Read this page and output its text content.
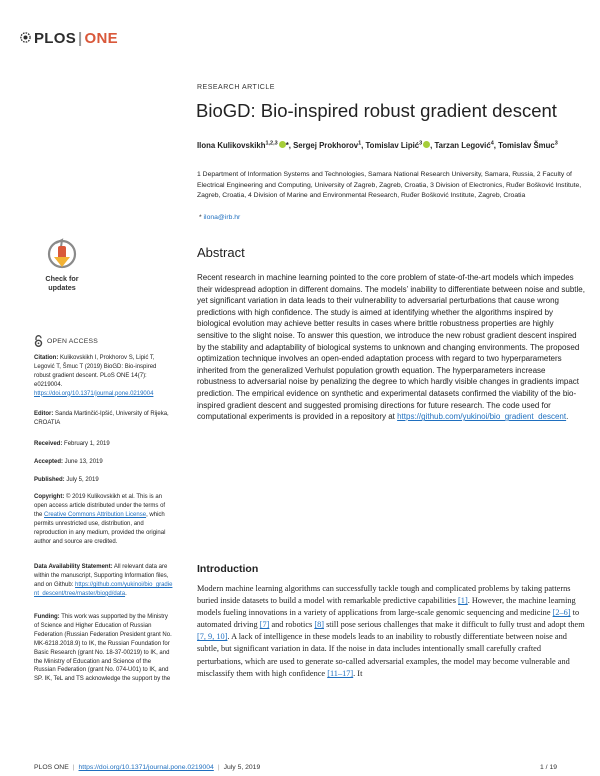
PLOS | ONE
RESEARCH ARTICLE
BioGD: Bio-inspired robust gradient descent
Ilona Kulikovskikh$^{1,2,3}$ *, Sergej Prokhorov$^1$, Tomislav Lipić$^3$ , Tarzan Legović$^4$, Tomislav Šmuc$^3$
1 Department of Information Systems and Technologies, Samara National Research University, Samara, Russia, 2 Faculty of Electrical Engineering and Computing, University of Zagreb, Zagreb, Croatia, 3 Division of Electronics, Ruđer Bošković Institute, Zagreb, Croatia, 4 Division of Marine and Environmental Research, Ruđer Bošković Institute, Zagreb, Croatia
* ilona@irb.hr
Abstract
Recent research in machine learning pointed to the core problem of state-of-the-art models which impedes their widespread adoption in different domains. The models’ inability to differentiate between noise and subtle, yet significant variation in data leads to their vulnerability to adversarial perturbations that cause wrong predictions with high confidence. The study is aimed at identifying whether the algorithms inspired by biological evolution may achieve better results in cases where brittle robustness properties are highly sensitive to the slight noise. To answer this question, we introduce the new robust gradient descent inspired by the stability and adaptability of biological systems to unknown and changing environments. The proposed optimization technique involves an open-ended adaptation process with regard to two hyperparameters inherited from the generalized Verhulst population growth equation. The hyperparameters increase robustness to adversarial noise by penalizing the degree to which hardly visible changes in gradients impact prediction. The empirical evidence on synthetic and experimental datasets confirmed the viability of the bio-inspired gradient descent and suggested promising directions for future research. The code used for computational experiments is provided in a repository at https://github.com/yukinoi/bio_gradient_descent.
Introduction
Modern machine learning algorithms can successfully tackle tough and complicated problems by taking patterns buried inside datasets to build a model with remarkable predictive capabilities [1]. However, the machine learning models fueling innovations in a variety of applications from large-scale genomic sequencing and medicine [2–6] to automated driving [7] and robotics [8] still pose serious challenges that make it difficult to fully trust and adopt them [7, 9, 10]. A lack of intelligence in these models leads to an inability to robustly differentiate between noise and subtle, but significant variation in data. If the noise in data includes intentionally small carefully crafted perturbations, which are used to generate so-called adversarial examples, the model may become vulnerable and misclassify them with high confidence [11–17]. It
Check for updates
OPEN ACCESS
Citation: Kulikovskikh I, Prokhorov S, Lipić T, Legović T, Šmuc T (2019) BioGD: Bio-inspired robust gradient descent. PLoS ONE 14(7): e0219004. https://doi.org/10.1371/journal.pone.0219004
Editor: Sanda Martinčić-Ipšić, University of Rijeka, CROATIA
Received: February 1, 2019
Accepted: June 13, 2019
Published: July 5, 2019
Copyright: © 2019 Kulikovskikh et al. This is an open access article distributed under the terms of the Creative Commons Attribution License, which permits unrestricted use, distribution, and reproduction in any medium, provided the original author and source are credited.
Data Availability Statement: All relevant data are within the manuscript, Supporting Information files, and on Github: https://github.com/yukinoi/bio_gradient_descent/tree/master/biogd/data.
Funding: This work was supported by the Ministry of Science and Higher Education of Russian Federation (Russian Federation President grant No. MK-6218.2018.9) to IK, the Russian Foundation for Basic Research (grant No. 18-37-00219) to IK, and the Ministry of Education and Science of the Russian Federation (grant No. 074-U01) to IK, and SP. IK, TeL and TS acknowledge the support by the
PLOS ONE | https://doi.org/10.1371/journal.pone.0219004 | July 5, 2019	1 / 19
